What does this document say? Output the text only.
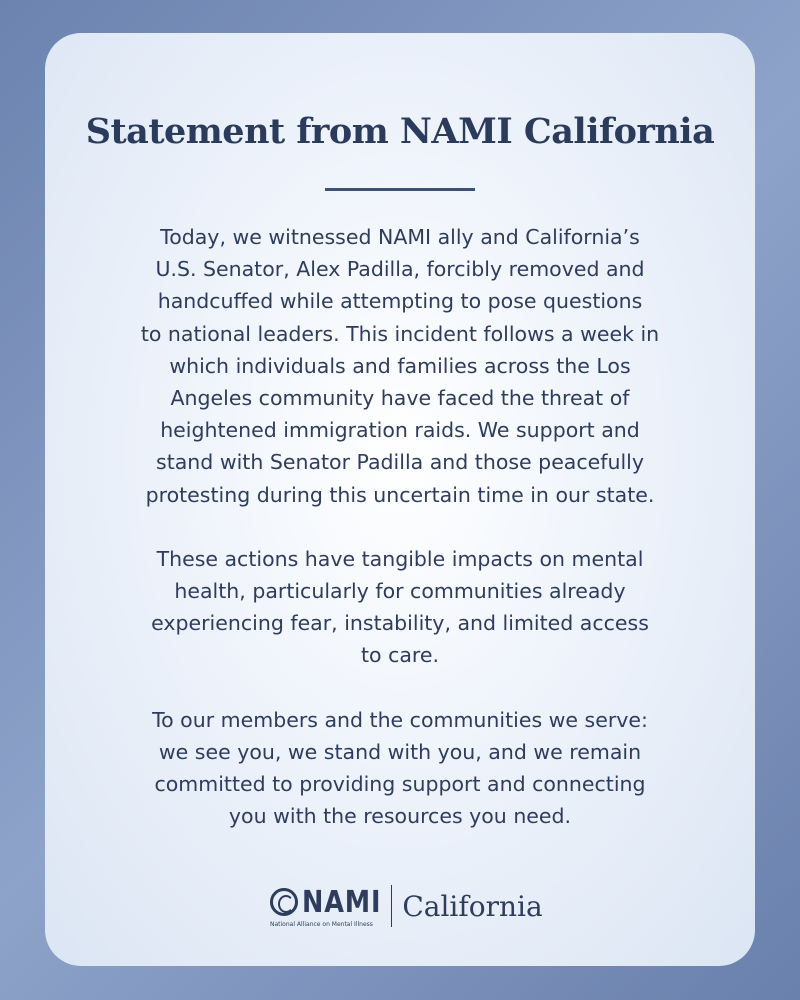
Statement from NAMI California
Today, we witnessed NAMI ally and California’s
U.S. Senator, Alex Padilla, forcibly removed and
handcuffed while attempting to pose questions
to national leaders. This incident follows a week in
which individuals and families across the Los
Angeles community have faced the threat of
heightened immigration raids. We support and
stand with Senator Padilla and those peacefully
protesting during this uncertain time in our state.
These actions have tangible impacts on mental
health, particularly for communities already
experiencing fear, instability, and limited access
to care.
To our members and the communities we serve:
we see you, we stand with you, and we remain
committed to providing support and connecting
you with the resources you need.
NAMI
National Alliance on Mental Illness
California
